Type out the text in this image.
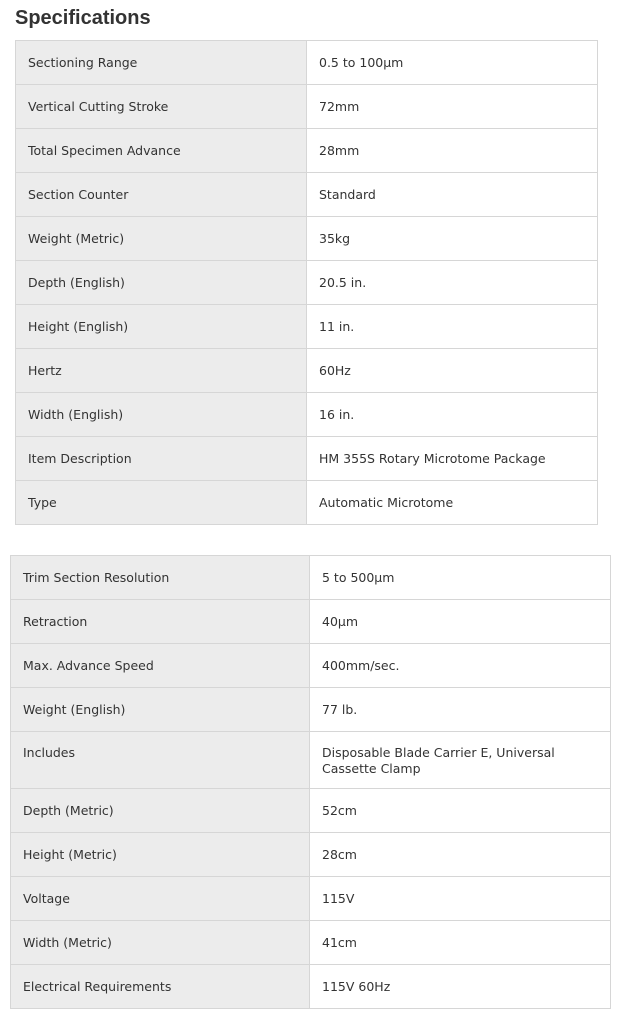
Specifications
Sectioning Range	0.5 to 100µm
Vertical Cutting Stroke	72mm
Total Specimen Advance	28mm
Section Counter	Standard
Weight (Metric)	35kg
Depth (English)	20.5 in.
Height (English)	11 in.
Hertz	60Hz
Width (English)	16 in.
Item Description	HM 355S Rotary Microtome Package
Type	Automatic Microtome
Trim Section Resolution	5 to 500µm
Retraction	40µm
Max. Advance Speed	400mm/sec.
Weight (English)	77 lb.
Includes	Disposable Blade Carrier E, Universal Cassette Clamp
Depth (Metric)	52cm
Height (Metric)	28cm
Voltage	115V
Width (Metric)	41cm
Electrical Requirements	115V 60Hz
